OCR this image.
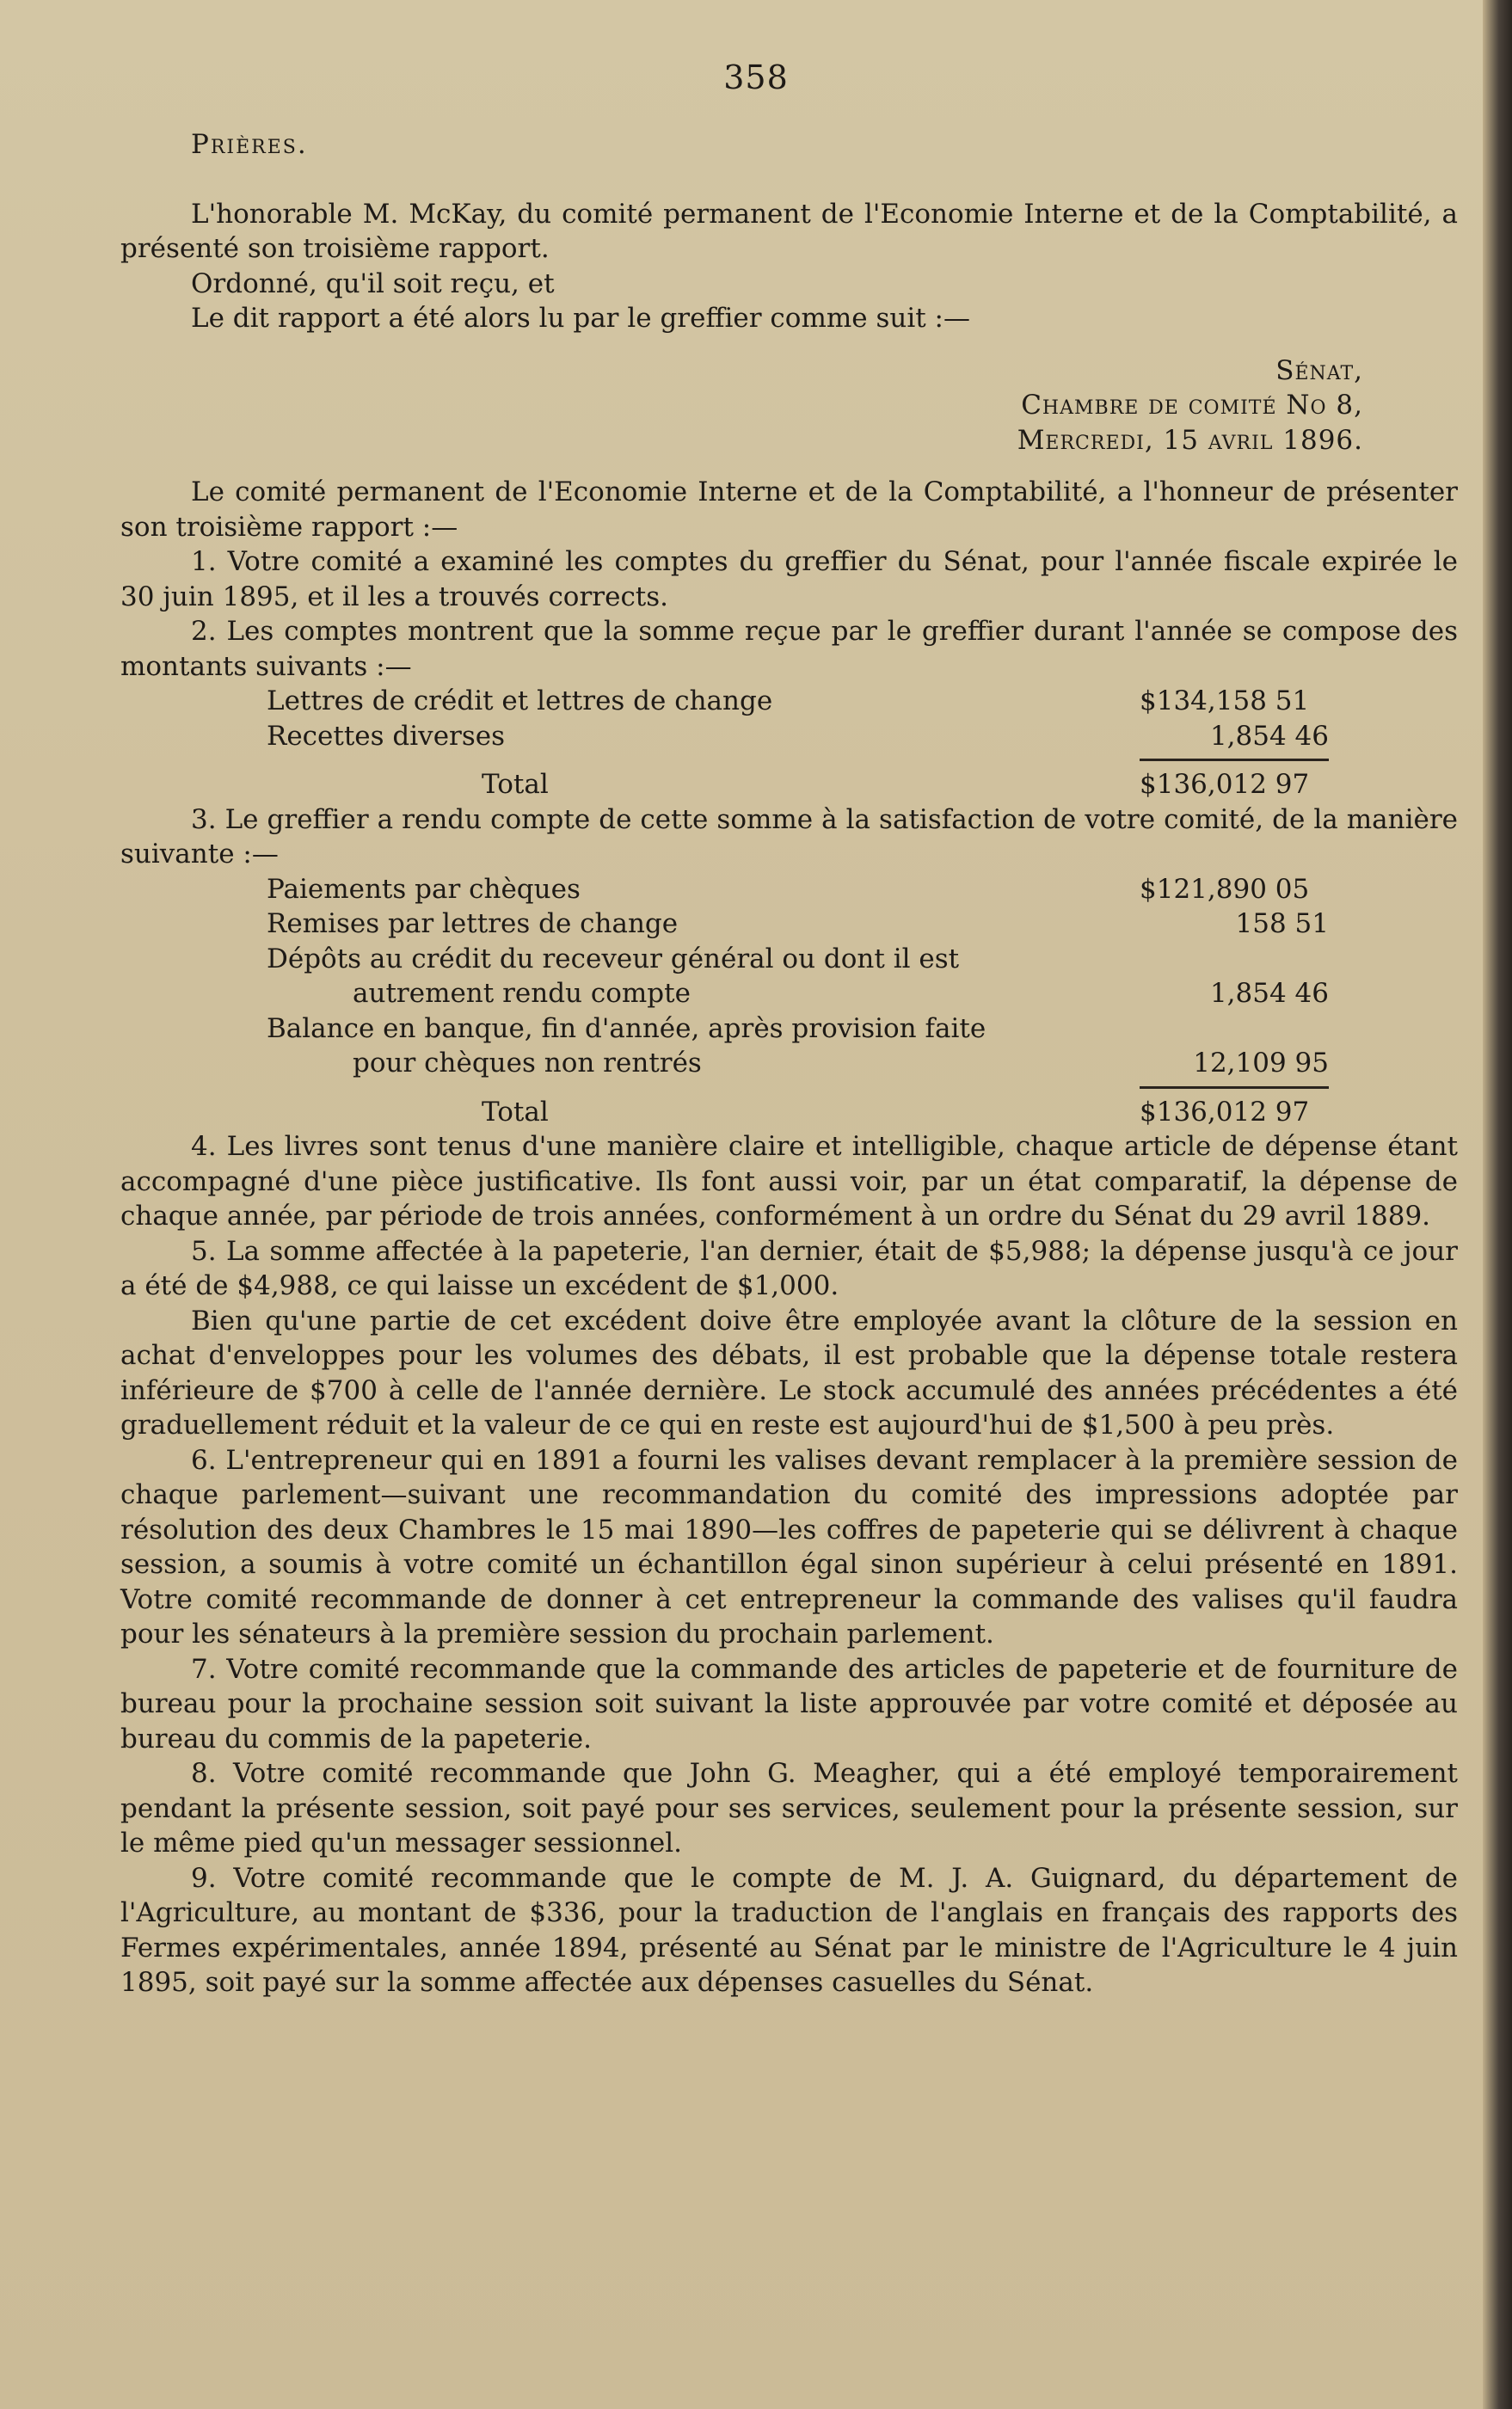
358

Prières.

L'honorable M. McKay, du comité permanent de l'Economie Interne et de la Comptabilité, a présenté son troisième rapport.

Ordonné, qu'il soit reçu, et

Le dit rapport a été alors lu par le greffier comme suit :—

Sénat,

Chambre de comité No 8,

Mercredi, 15 avril 1896.

Le comité permanent de l'Economie Interne et de la Comptabilité, a l'honneur de présenter son troisième rapport :—

1. Votre comité a examiné les comptes du greffier du Sénat, pour l'année fiscale expirée le 30 juin 1895, et il les a trouvés corrects.

2. Les comptes montrent que la somme reçue par le greffier durant l'année se compose des montants suivants :—

Lettres de crédit et lettres de change	$134,158 51
Recettes diverses	1,854 46
Total	$136,012 97

3. Le greffier a rendu compte de cette somme à la satisfaction de votre comité, de la manière suivante :—

Paiements par chèques	$121,890 05
Remises par lettres de change	158 51
Dépôts au crédit du receveur général ou dont il est
autrement rendu compte	1,854 46
Balance en banque, fin d'année, après provision faite
pour chèques non rentrés	12,109 95
Total	$136,012 97

4. Les livres sont tenus d'une manière claire et intelligible, chaque article de dépense étant accompagné d'une pièce justificative. Ils font aussi voir, par un état comparatif, la dépense de chaque année, par période de trois années, conformément à un ordre du Sénat du 29 avril 1889.

5. La somme affectée à la papeterie, l'an dernier, était de $5,988; la dépense jusqu'à ce jour a été de $4,988, ce qui laisse un excédent de $1,000.

Bien qu'une partie de cet excédent doive être employée avant la clôture de la session en achat d'enveloppes pour les volumes des débats, il est probable que la dépense totale restera inférieure de $700 à celle de l'année dernière. Le stock accumulé des années précédentes a été graduellement réduit et la valeur de ce qui en reste est aujourd'hui de $1,500 à peu près.

6. L'entrepreneur qui en 1891 a fourni les valises devant remplacer à la première session de chaque parlement—suivant une recommandation du comité des impressions adoptée par résolution des deux Chambres le 15 mai 1890—les coffres de papeterie qui se délivrent à chaque session, a soumis à votre comité un échantillon égal sinon supérieur à celui présenté en 1891. Votre comité recommande de donner à cet entrepreneur la commande des valises qu'il faudra pour les sénateurs à la première session du prochain parlement.

7. Votre comité recommande que la commande des articles de papeterie et de fourniture de bureau pour la prochaine session soit suivant la liste approuvée par votre comité et déposée au bureau du commis de la papeterie.

8. Votre comité recommande que John G. Meagher, qui a été employé temporairement pendant la présente session, soit payé pour ses services, seulement pour la présente session, sur le même pied qu'un messager sessionnel.

9. Votre comité recommande que le compte de M. J. A. Guignard, du département de l'Agriculture, au montant de $336, pour la traduction de l'anglais en français des rapports des Fermes expérimentales, année 1894, présenté au Sénat par le ministre de l'Agriculture le 4 juin 1895, soit payé sur la somme affectée aux dépenses casuelles du Sénat.
